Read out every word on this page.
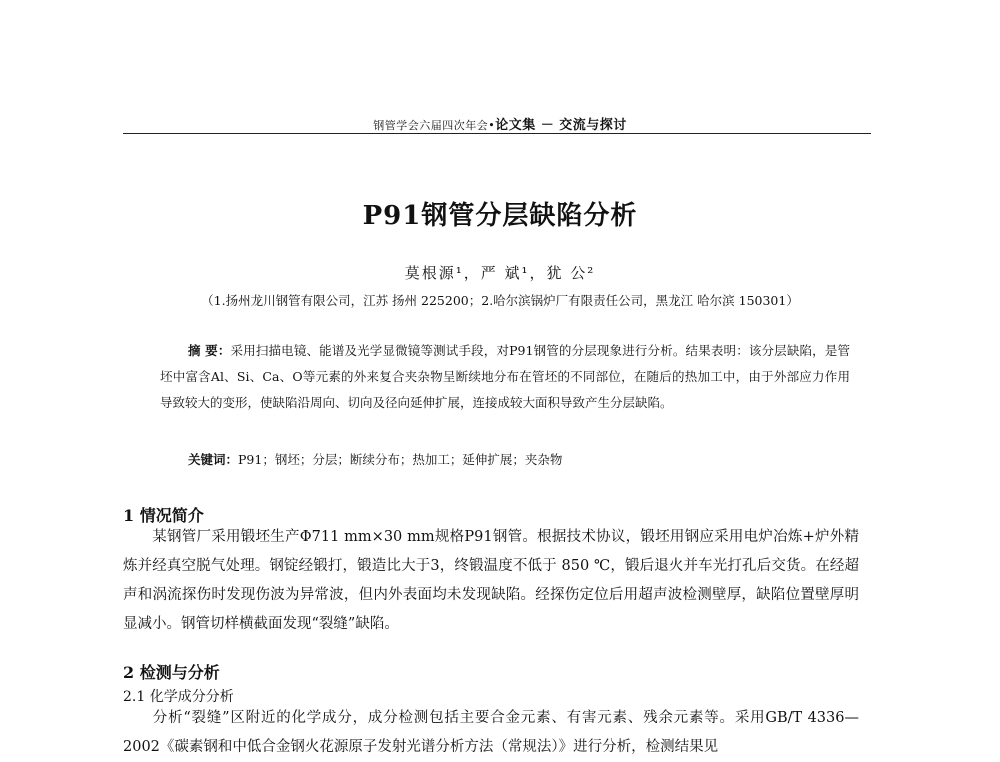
钢管学会六届四次年会•论文集 － 交流与探讨
P91钢管分层缺陷分析
莫根源¹，严 斌¹，犹 公²
（1.扬州龙川钢管有限公司，江苏 扬州 225200；2.哈尔滨锅炉厂有限责任公司，黑龙江 哈尔滨 150301）
摘 要：采用扫描电镜、能谱及光学显微镜等测试手段，对P91钢管的分层现象进行分析。结果表明：该分层缺陷，是管坯中富含Al、Si、Ca、O等元素的外来复合夹杂物呈断续地分布在管坯的不同部位，在随后的热加工中，由于外部应力作用导致较大的变形，使缺陷沿周向、切向及径向延伸扩展，连接成较大面积导致产生分层缺陷。
关键词：P91；钢坯；分层；断续分布；热加工；延伸扩展；夹杂物
1 情况简介
某钢管厂采用锻坯生产Φ711 mm×30 mm规格P91钢管。根据技术协议，锻坯用钢应采用电炉冶炼+炉外精炼并经真空脱气处理。钢锭经锻打，锻造比大于3，终锻温度不低于 850 ℃，锻后退火并车光打孔后交货。在经超声和涡流探伤时发现伤波为异常波，但内外表面均未发现缺陷。经探伤定位后用超声波检测壁厚，缺陷位置壁厚明显减小。钢管切样横截面发现“裂缝”缺陷。
2 检测与分析
2.1 化学成分分析
分析“裂缝”区附近的化学成分，成分检测包括主要合金元素、有害元素、残余元素等。采用GB/T 4336—2002《碳素钢和中低合金钢火花源原子发射光谱分析方法（常规法）》进行分析，检测结果见
